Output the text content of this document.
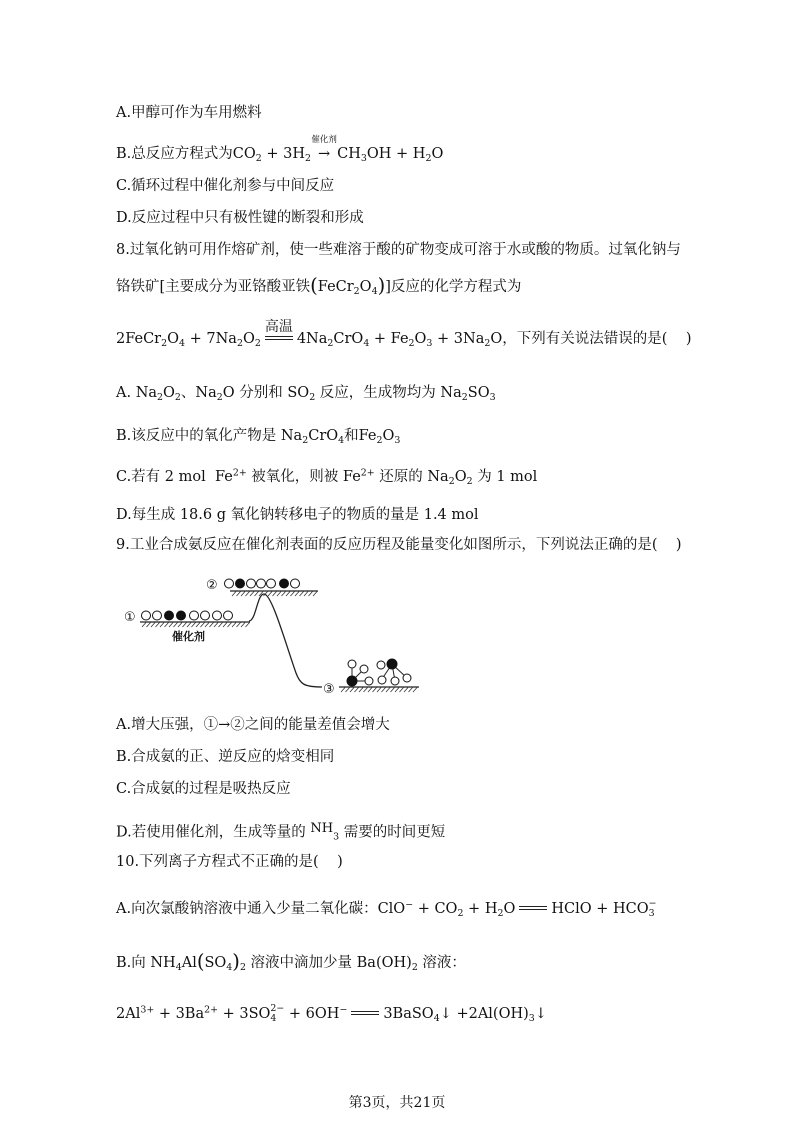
A.甲醇可作为车用燃料
B.总反应方程式为$CO_2 + 3H_2$
催化剂
→ $CH_3OH + H_2O$
C.循环过程中催化剂参与中间反应
D.反应过程中只有极性键的断裂和形成
8.过氧化钠可用作熔矿剂，使一些难溶于酸的矿物变成可溶于水或酸的物质。过氧化钠与
铬铁矿[主要成分为亚铬酸亚铁$(FeCr_2O_4)$]反应的化学方程式为
$2FeCr_2O_4 + 7Na_2O_2$
高温
$4Na_2CrO_4 + Fe_2O_3 + 3Na_2O$，下列有关说法错误的是(    )
A. $Na_2O_2$、$Na_2O$ 分别和 $SO_2$ 反应，生成物均为 $Na_2SO_3$
B.该反应中的氧化产物是 $Na_2CrO_4$和$Fe_2O_3$
C.若有 2 mol  $Fe^{2+}$ 被氧化，则被 $Fe^{2+}$ 还原的 $Na_2O_2$ 为 1 mol
D.每生成 18.6 g 氧化钠转移电子的物质的量是 1.4 mol
9.工业合成氨反应在催化剂表面的反应历程及能量变化如图所示，下列说法正确的是(    )
①
②
③
催化剂
A.增大压强，①→②之间的能量差值会增大
B.合成氨的正、逆反应的焓变相同
C.合成氨的过程是吸热反应
D.若使用催化剂，生成等量的 $NH_3$ 需要的时间更短
10.下列离子方程式不正确的是(    )
A.向次氯酸钠溶液中通入少量二氧化碳：$ClO^- + CO_2 + H_2O$ HClO + HCO −
3
B.向 $NH_4Al(SO_4)_2$ 溶液中滴加少量 $Ba(OH)_2$ 溶液：
$2Al^{3+} + 3Ba^{2+} + 3SO$ 2−
4 + 6OH− 3BaSO$_4$↓ $+2Al(OH)_3↓$
第3页，共21页
